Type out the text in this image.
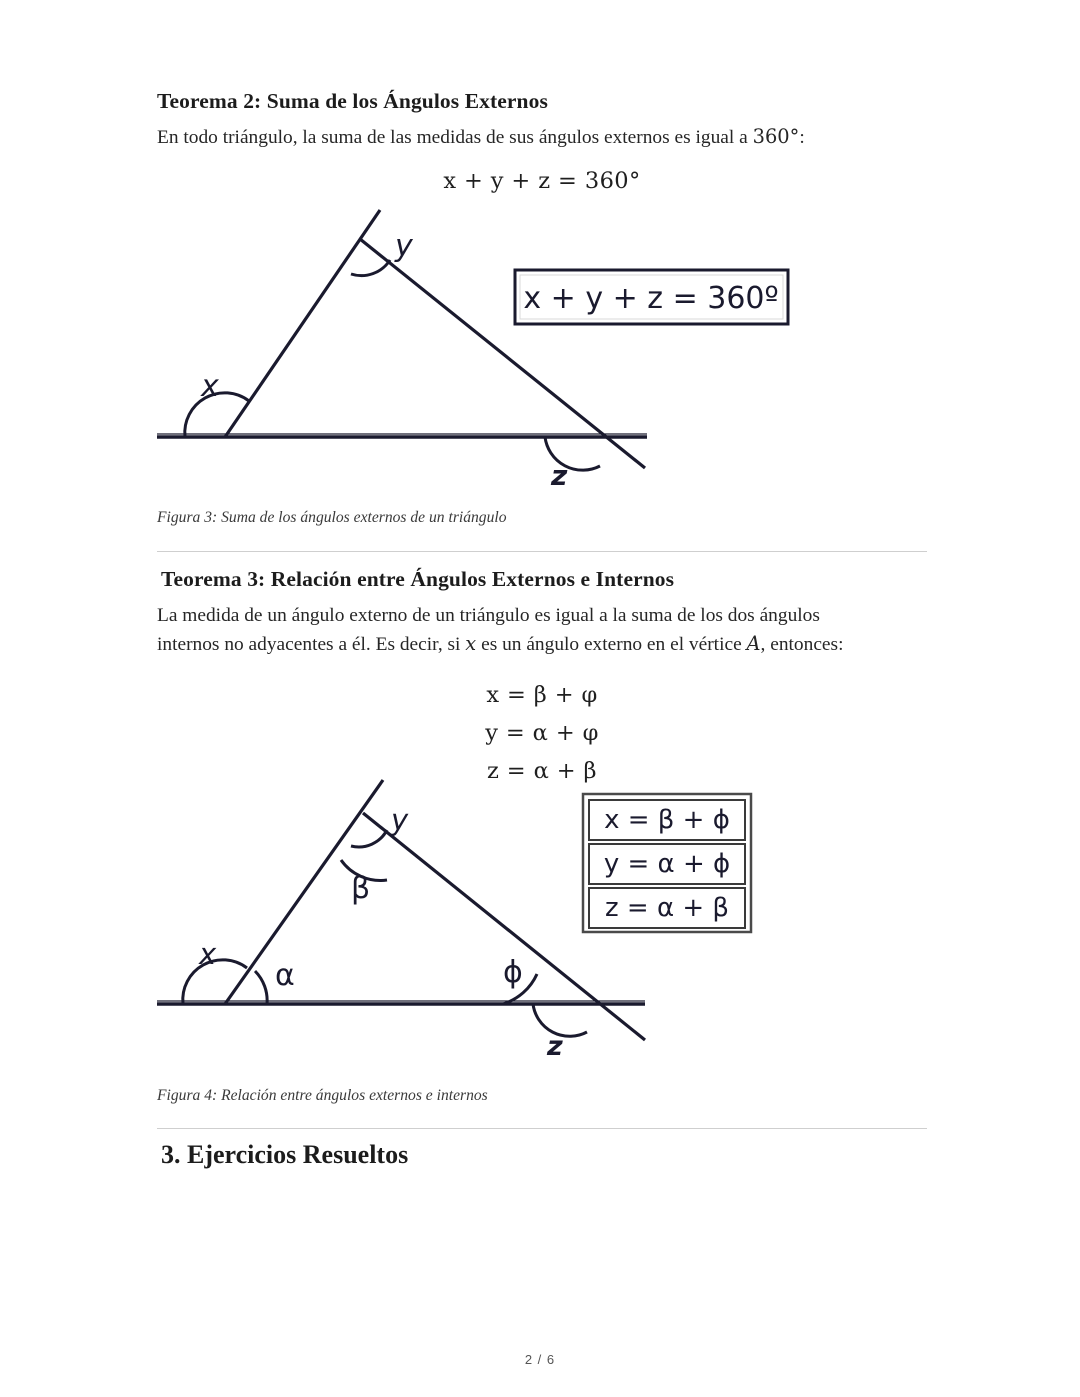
Teorema 2: Suma de los Ángulos Externos
En todo triángulo, la suma de las medidas de sus ángulos externos es igual a 360°:
x + y + z = 360°
y
x
z
x + y + z = 360º
Figura 3: Suma de los ángulos externos de un triángulo
Teorema 3: Relación entre Ángulos Externos e Internos
La medida de un ángulo externo de un triángulo es igual a la suma de los dos ángulos
internos no adyacentes a él. Es decir, si x es un ángulo externo en el vértice A, entonces:
x = β + φ
y = α + φ
z = α + β
y
β
x
α	ϕ
z
x = β + ϕ
y = α + ϕ
z = α + β
Figura 4: Relación entre ángulos externos e internos
3. Ejercicios Resueltos
2 / 6
